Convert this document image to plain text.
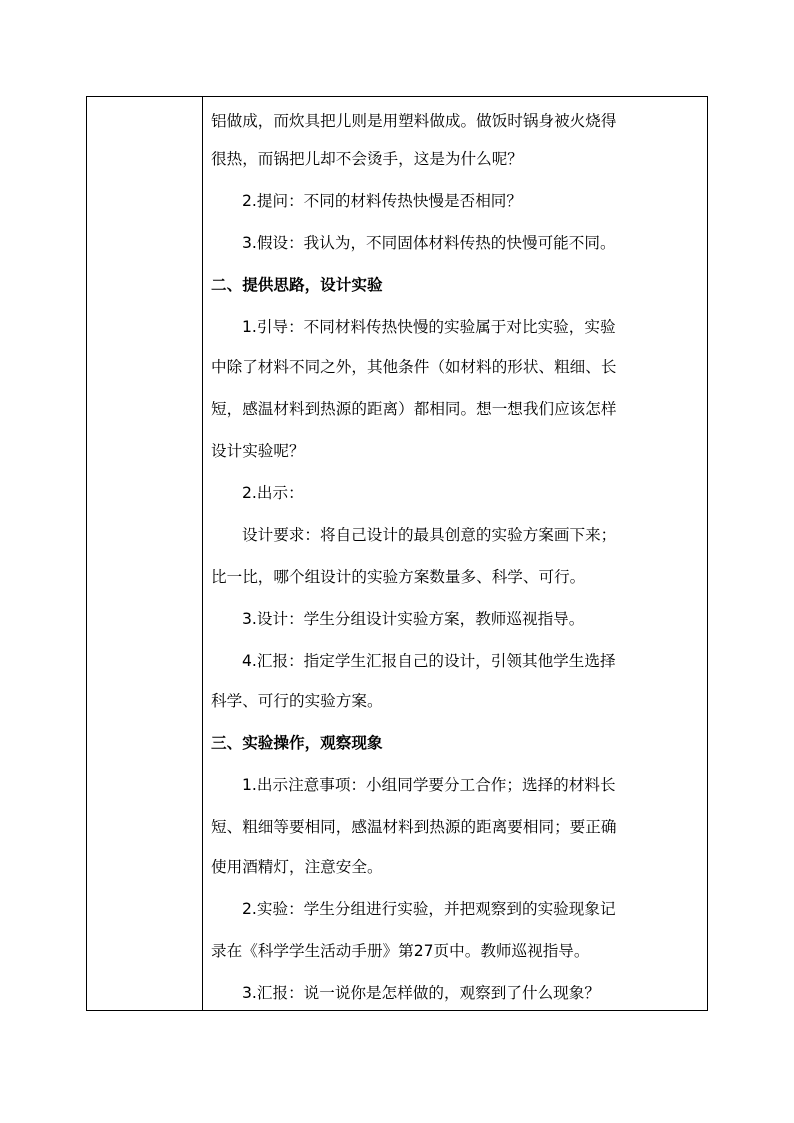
铝做成，而炊具把儿则是用塑料做成。做饭时锅身被火烧得
很热，而锅把儿却不会烫手，这是为什么呢？
2.提问：不同的材料传热快慢是否相同？
3.假设：我认为，不同固体材料传热的快慢可能不同。
二、提供思路，设计实验
1.引导：不同材料传热快慢的实验属于对比实验，实验
中除了材料不同之外，其他条件（如材料的形状、粗细、长
短，感温材料到热源的距离）都相同。想一想我们应该怎样
设计实验呢？
2.出示：
设计要求：将自己设计的最具创意的实验方案画下来；
比一比，哪个组设计的实验方案数量多、科学、可行。
3.设计：学生分组设计实验方案，教师巡视指导。
4.汇报：指定学生汇报自己的设计，引领其他学生选择
科学、可行的实验方案。
三、实验操作，观察现象
1.出示注意事项：小组同学要分工合作；选择的材料长
短、粗细等要相同，感温材料到热源的距离要相同；要正确
使用酒精灯，注意安全。
2.实验：学生分组进行实验，并把观察到的实验现象记
录在《科学学生活动手册》第27页中。教师巡视指导。
3.汇报：说一说你是怎样做的，观察到了什么现象？
